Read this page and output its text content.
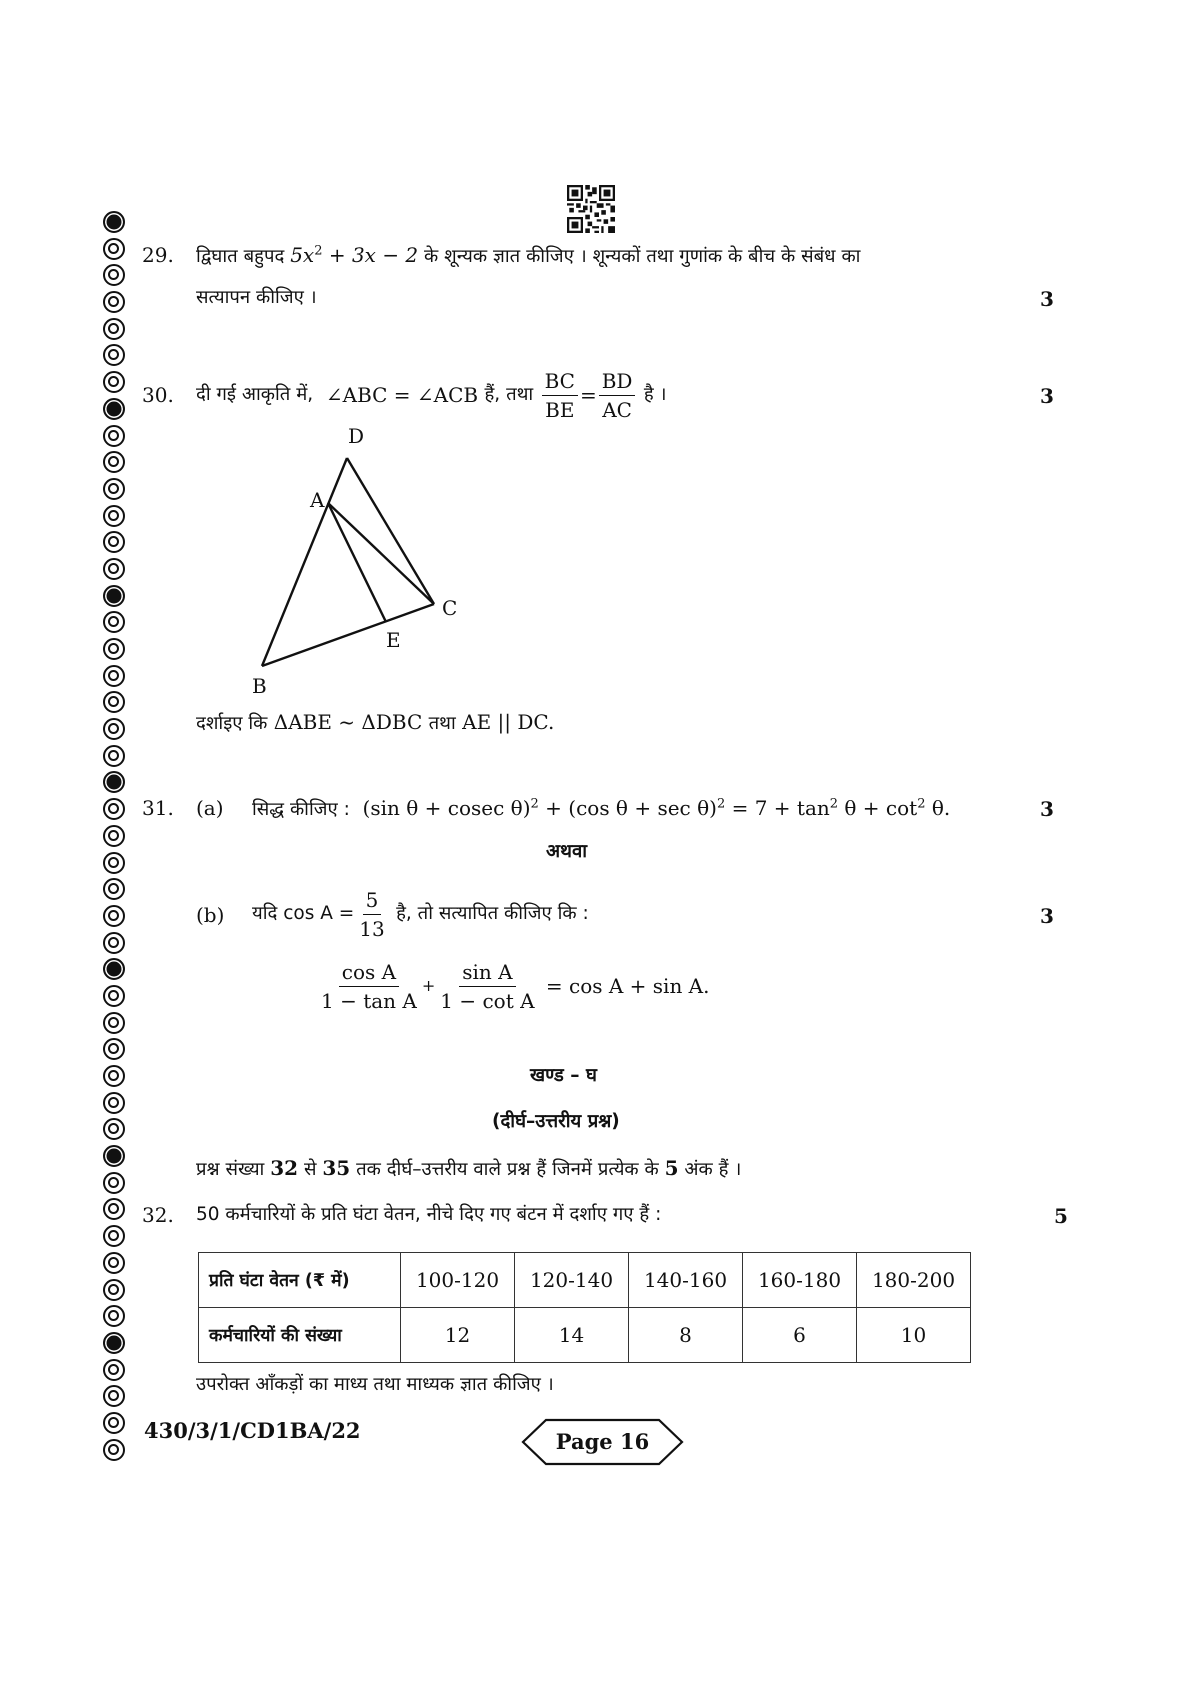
29. द्विघात बहुपद $5x^2 + 3x - 2$ के शून्यक ज्ञात कीजिए । शून्यकों तथा गुणांक के बीच के संबंध का
सत्यापन कीजिए ।	3
30. दी गई आकृति में,
∠ABC = ∠ACB
हैं, तथा
$\frac{BC}{BE} = \frac{BD}{AC}$
है ।	3
D
A
C
E
B
दर्शाइए कि ΔABE ~ ΔDBC तथा AE || DC.
31. (a) सिद्ध कीजिए : (sin θ + cosec θ)$^2$ + (cos $\theta + \sec \theta)^2 = 7 + \tan^2 \theta + \cot^2 \theta$.	3
अथवा
(b) यदि $\cos A = \frac{5}{13}$
है, तो सत्यापित कीजिए कि :	3
$\frac{\text{cos A}}{\text{1 − tan A}} + \frac{\text{sin A}}{\text{1 − cot A}}$
= cos A + sin A.
खण्ड – घ
(दीर्घ–उत्तरीय प्रश्न)
प्रश्न संख्या 32 से 35 तक दीर्घ–उत्तरीय वाले प्रश्न हैं जिनमें प्रत्येक के 5 अंक हैं ।
32. 50 कर्मचारियों के प्रति घंटा वेतन, नीचे दिए गए बंटन में दर्शाए गए हैं :	5
प्रति घंटा वेतन (₹ में)	100-120	120-140	140-160	160-180	180-200
कर्मचारियों की संख्या	12	14	8	6	10
उपरोक्त आँकड़ों का माध्य तथा माध्यक ज्ञात कीजिए ।
430/3/1/CD1BA/22	Page 16
